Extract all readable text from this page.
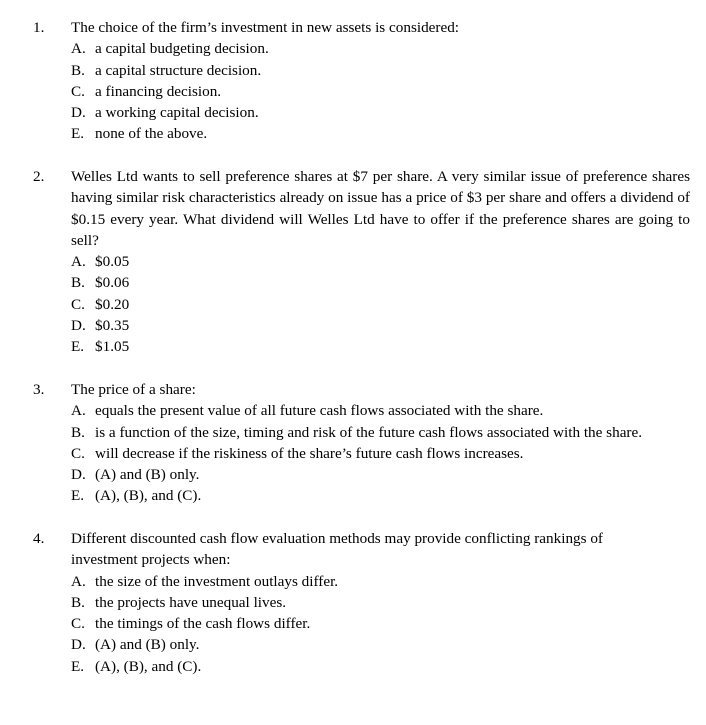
1. The choice of the firm’s investment in new assets is considered:

A. a capital budgeting decision.
B. a capital structure decision.
C. a financing decision.
D. a working capital decision.
E. none of the above.
2. Welles Ltd wants to sell preference shares at $7 per share. A very similar issue of preference shares having similar risk characteristics already on issue has a price of $3 per share and offers a dividend of $0.15 every year. What dividend will Welles Ltd have to offer if the preference shares are going to sell?

A. $0.05
B. $0.06
C. $0.20
D. $0.35
E. $1.05
3. The price of a share:

A. equals the present value of all future cash flows associated with the share.
B. is a function of the size, timing and risk of the future cash flows associated with the share.
C. will decrease if the riskiness of the share’s future cash flows increases.
D. (A) and (B) only.
E. (A), (B), and (C).
4. Different discounted cash flow evaluation methods may provide conflicting rankings of investment projects when:

A. the size of the investment outlays differ.
B. the projects have unequal lives.
C. the timings of the cash flows differ.
D. (A) and (B) only.
E. (A), (B), and (C).
